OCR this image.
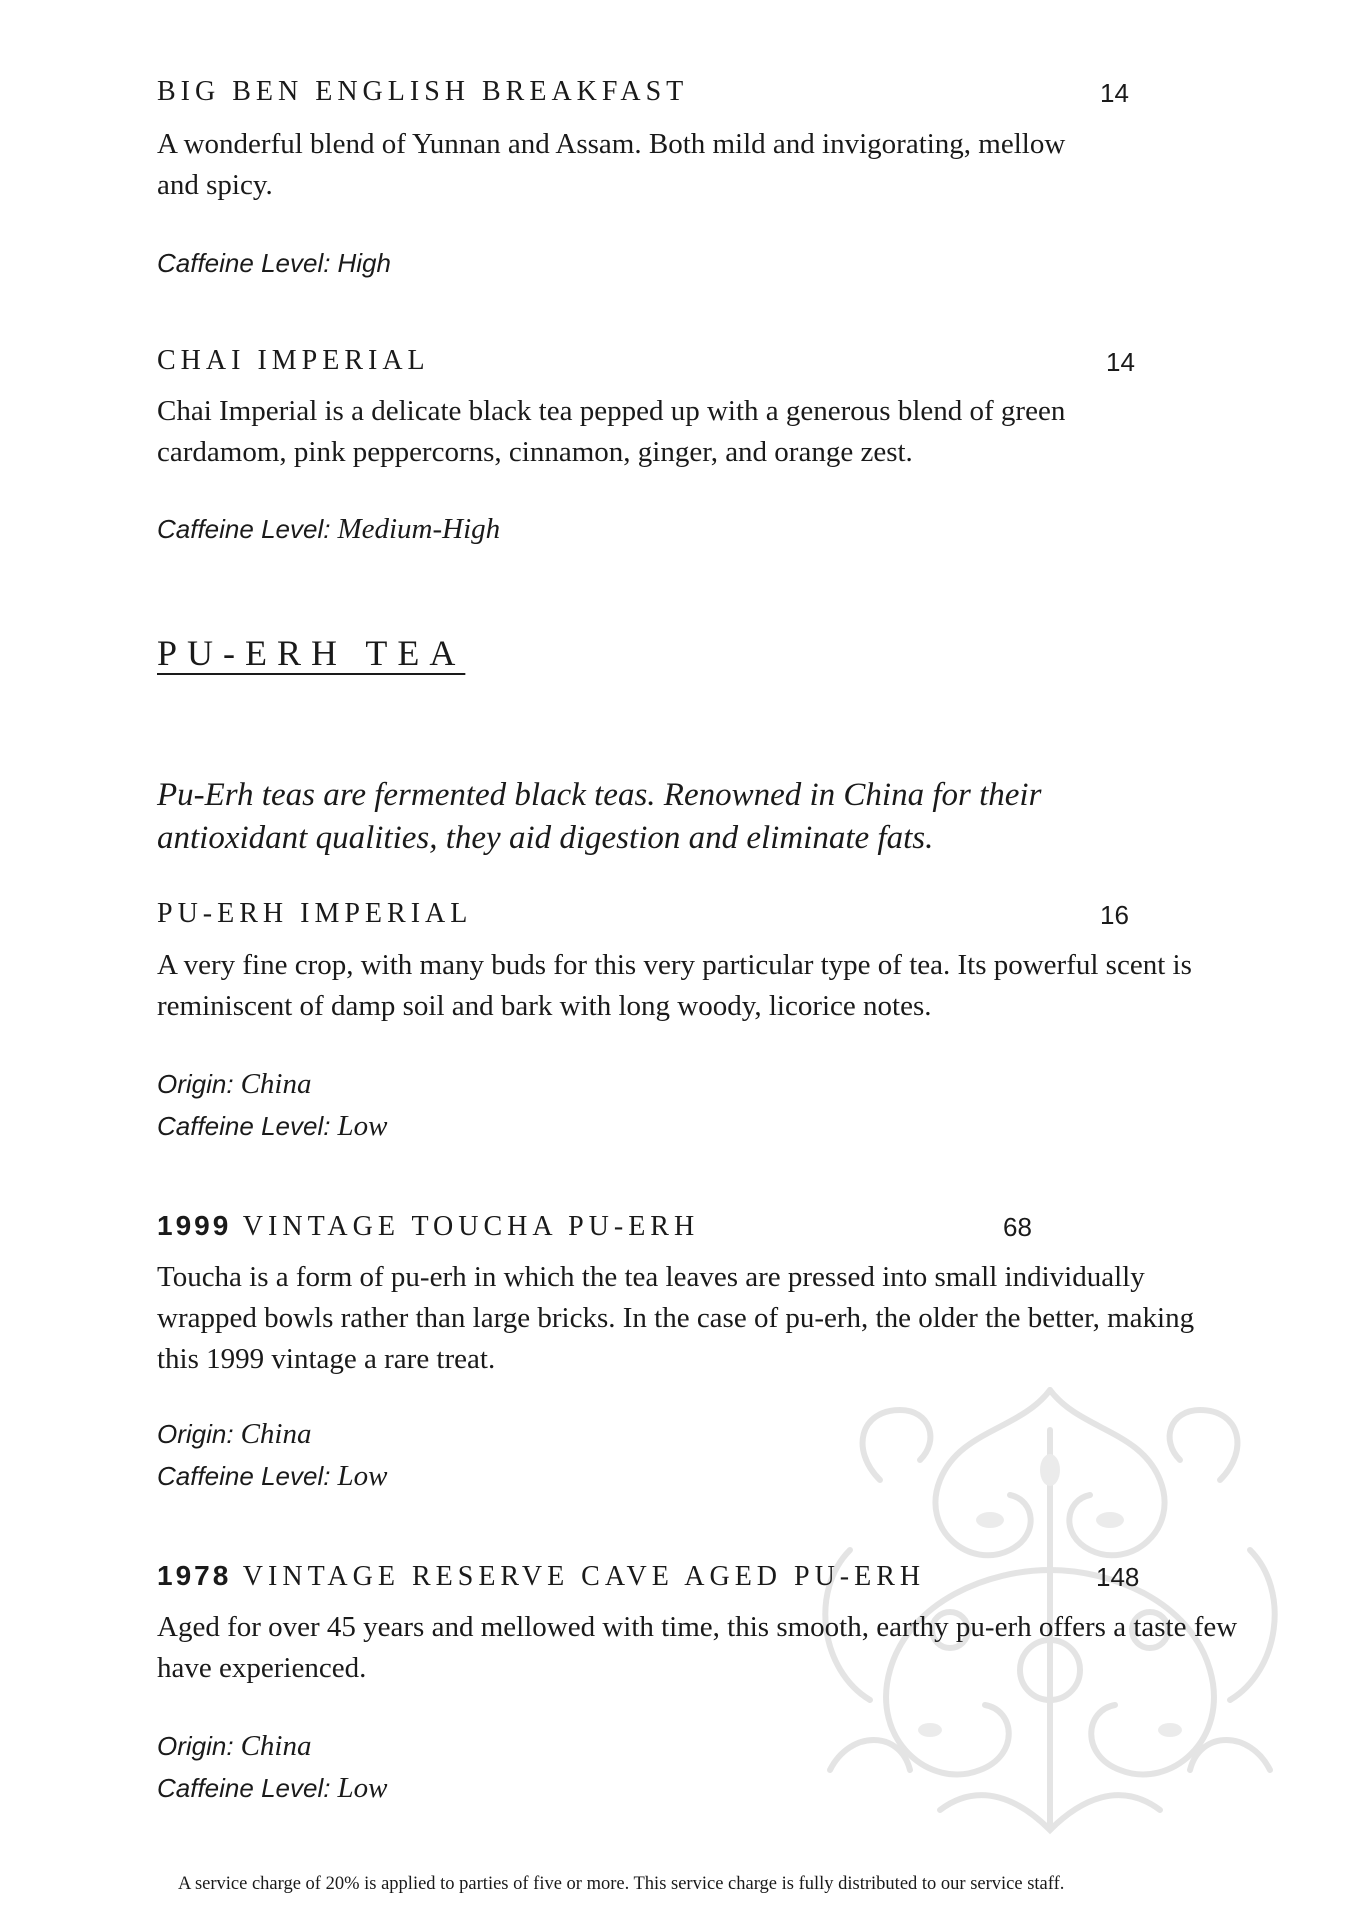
BIG BEN ENGLISH BREAKFAST	14
A wonderful blend of Yunnan and Assam. Both mild and invigorating, mellow and spicy.
Caffeine Level: High
CHAI IMPERIAL	14
Chai Imperial is a delicate black tea pepped up with a generous blend of green cardamom, pink peppercorns, cinnamon, ginger, and orange zest.
Caffeine Level: Medium-High
PU-ERH TEA
Pu-Erh teas are fermented black teas. Renowned in China for their antioxidant qualities, they aid digestion and eliminate fats.
PU-ERH IMPERIAL	16
A very fine crop, with many buds for this very particular type of tea. Its powerful scent is reminiscent of damp soil and bark with long woody, licorice notes.
Origin: China
Caffeine Level: Low
1999 VINTAGE TOUCHA PU-ERH	68
Toucha is a form of pu-erh in which the tea leaves are pressed into small individually wrapped bowls rather than large bricks. In the case of pu-erh, the older the better, making this 1999 vintage a rare treat.
Origin: China
Caffeine Level: Low
1978 VINTAGE RESERVE CAVE AGED PU-ERH	148
Aged for over 45 years and mellowed with time, this smooth, earthy pu-erh offers a taste few have experienced.
Origin: China
Caffeine Level: Low
A service charge of 20% is applied to parties of five or more. This service charge is fully distributed to our service staff.
